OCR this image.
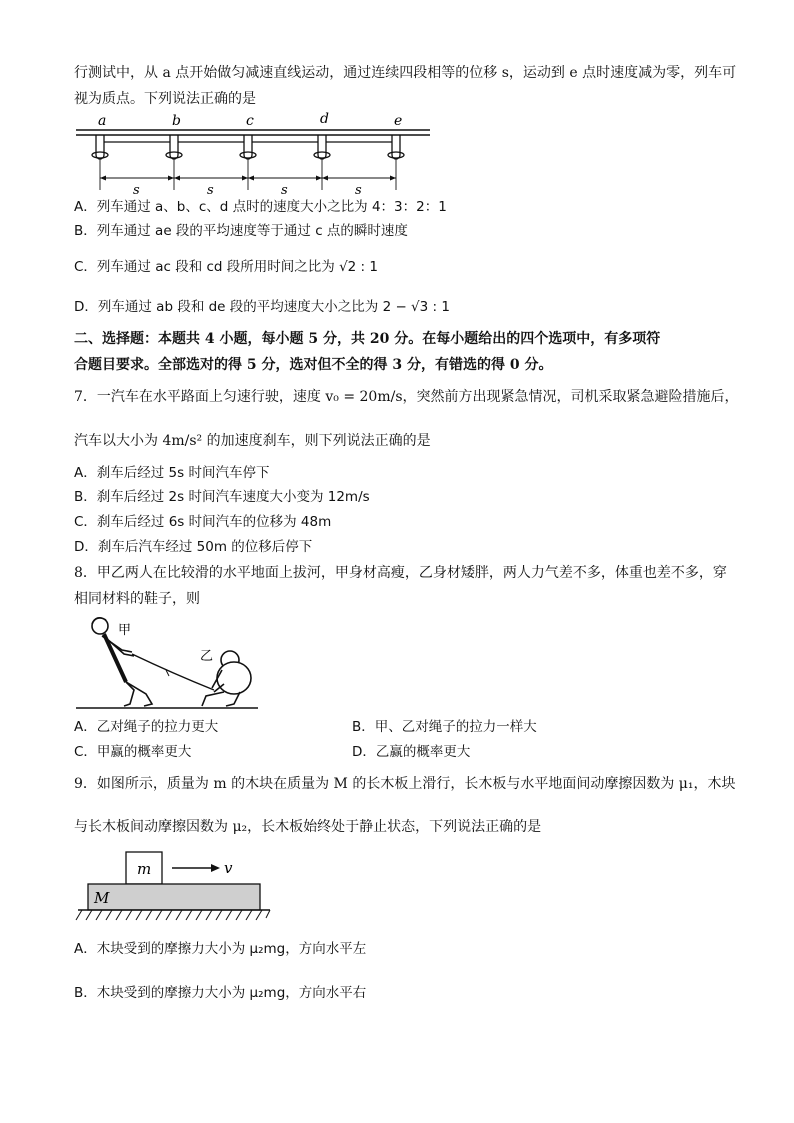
行测试中，从 a 点开始做匀减速直线运动，通过连续四段相等的位移 s，运动到 e 点时速度减为零，列车可
视为质点。下列说法正确的是
a	b	c	d	e
s	s	s	s
A．列车通过 a、b、c、d 点时的速度大小之比为 4：3：2：1
B．列车通过 ae 段的平均速度等于通过 c 点的瞬时速度
C．列车通过 ac 段和 cd 段所用时间之比为 √2 : 1
D．列车通过 ab 段和 de 段的平均速度大小之比为 2 − √3 : 1
二、选择题：本题共 4 小题，每小题 5 分，共 20 分。在每小题给出的四个选项中，有多项符
合题目要求。全部选对的得 5 分，选对但不全的得 3 分，有错选的得 0 分。
7．一汽车在水平路面上匀速行驶，速度 v₀ = 20m/s，突然前方出现紧急情况，司机采取紧急避险措施后，
汽车以大小为 4m/s² 的加速度刹车，则下列说法正确的是
A．刹车后经过 5s 时间汽车停下
B．刹车后经过 2s 时间汽车速度大小变为 12m/s
C．刹车后经过 6s 时间汽车的位移为 48m
D．刹车后汽车经过 50m 的位移后停下
8．甲乙两人在比较滑的水平地面上拔河，甲身材高瘦，乙身材矮胖，两人力气差不多，体重也差不多，穿
相同材料的鞋子，则
甲
乙
A．乙对绳子的拉力更大	B．甲、乙对绳子的拉力一样大
C．甲赢的概率更大	D．乙赢的概率更大
9．如图所示，质量为 m 的木块在质量为 M 的长木板上滑行，长木板与水平地面间动摩擦因数为 μ₁，木块
与长木板间动摩擦因数为 μ₂，长木板始终处于静止状态，下列说法正确的是
m	v
M
A．木块受到的摩擦力大小为 μ₂mg，方向水平左
B．木块受到的摩擦力大小为 μ₂mg，方向水平右
